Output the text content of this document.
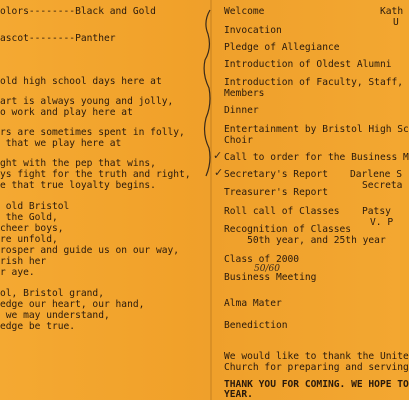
olors--------Black and Gold
ascot--------Panther
old high school days here at
art is always young and jolly,
o work and play here at
rs are sometimes spent in folly,
that we play here at
ght with the pep that wins,
ys fight for the truth and right,
e that true loyalty begins.
old Bristol
the Gold,
cheer boys,
re unfold,
rosper and guide us on our way,
rish her
r aye.
ol, Bristol grand,
edge our heart, our hand,
we may understand,
edge be true.
Welcome	Kath
U
Invocation
Pledge of Allegiance
Introduction of Oldest Alumni
Introduction of Faculty, Staff,
Members
Dinner
Entertainment by Bristol High Sc
Choir
Call to order for the Business M
✓
✓ Secretary's Report Darlene S
Secreta
Treasurer's Report
Roll call of Classes Patsy
V. P
Recognition of Classes
50th year, and 25th year
Class of 2000
50/60
Business Meeting
Alma Mater
Benediction
We would like to thank the Unite
Church for preparing and serving
THANK YOU FOR COMING. WE HOPE TO
YEAR.
